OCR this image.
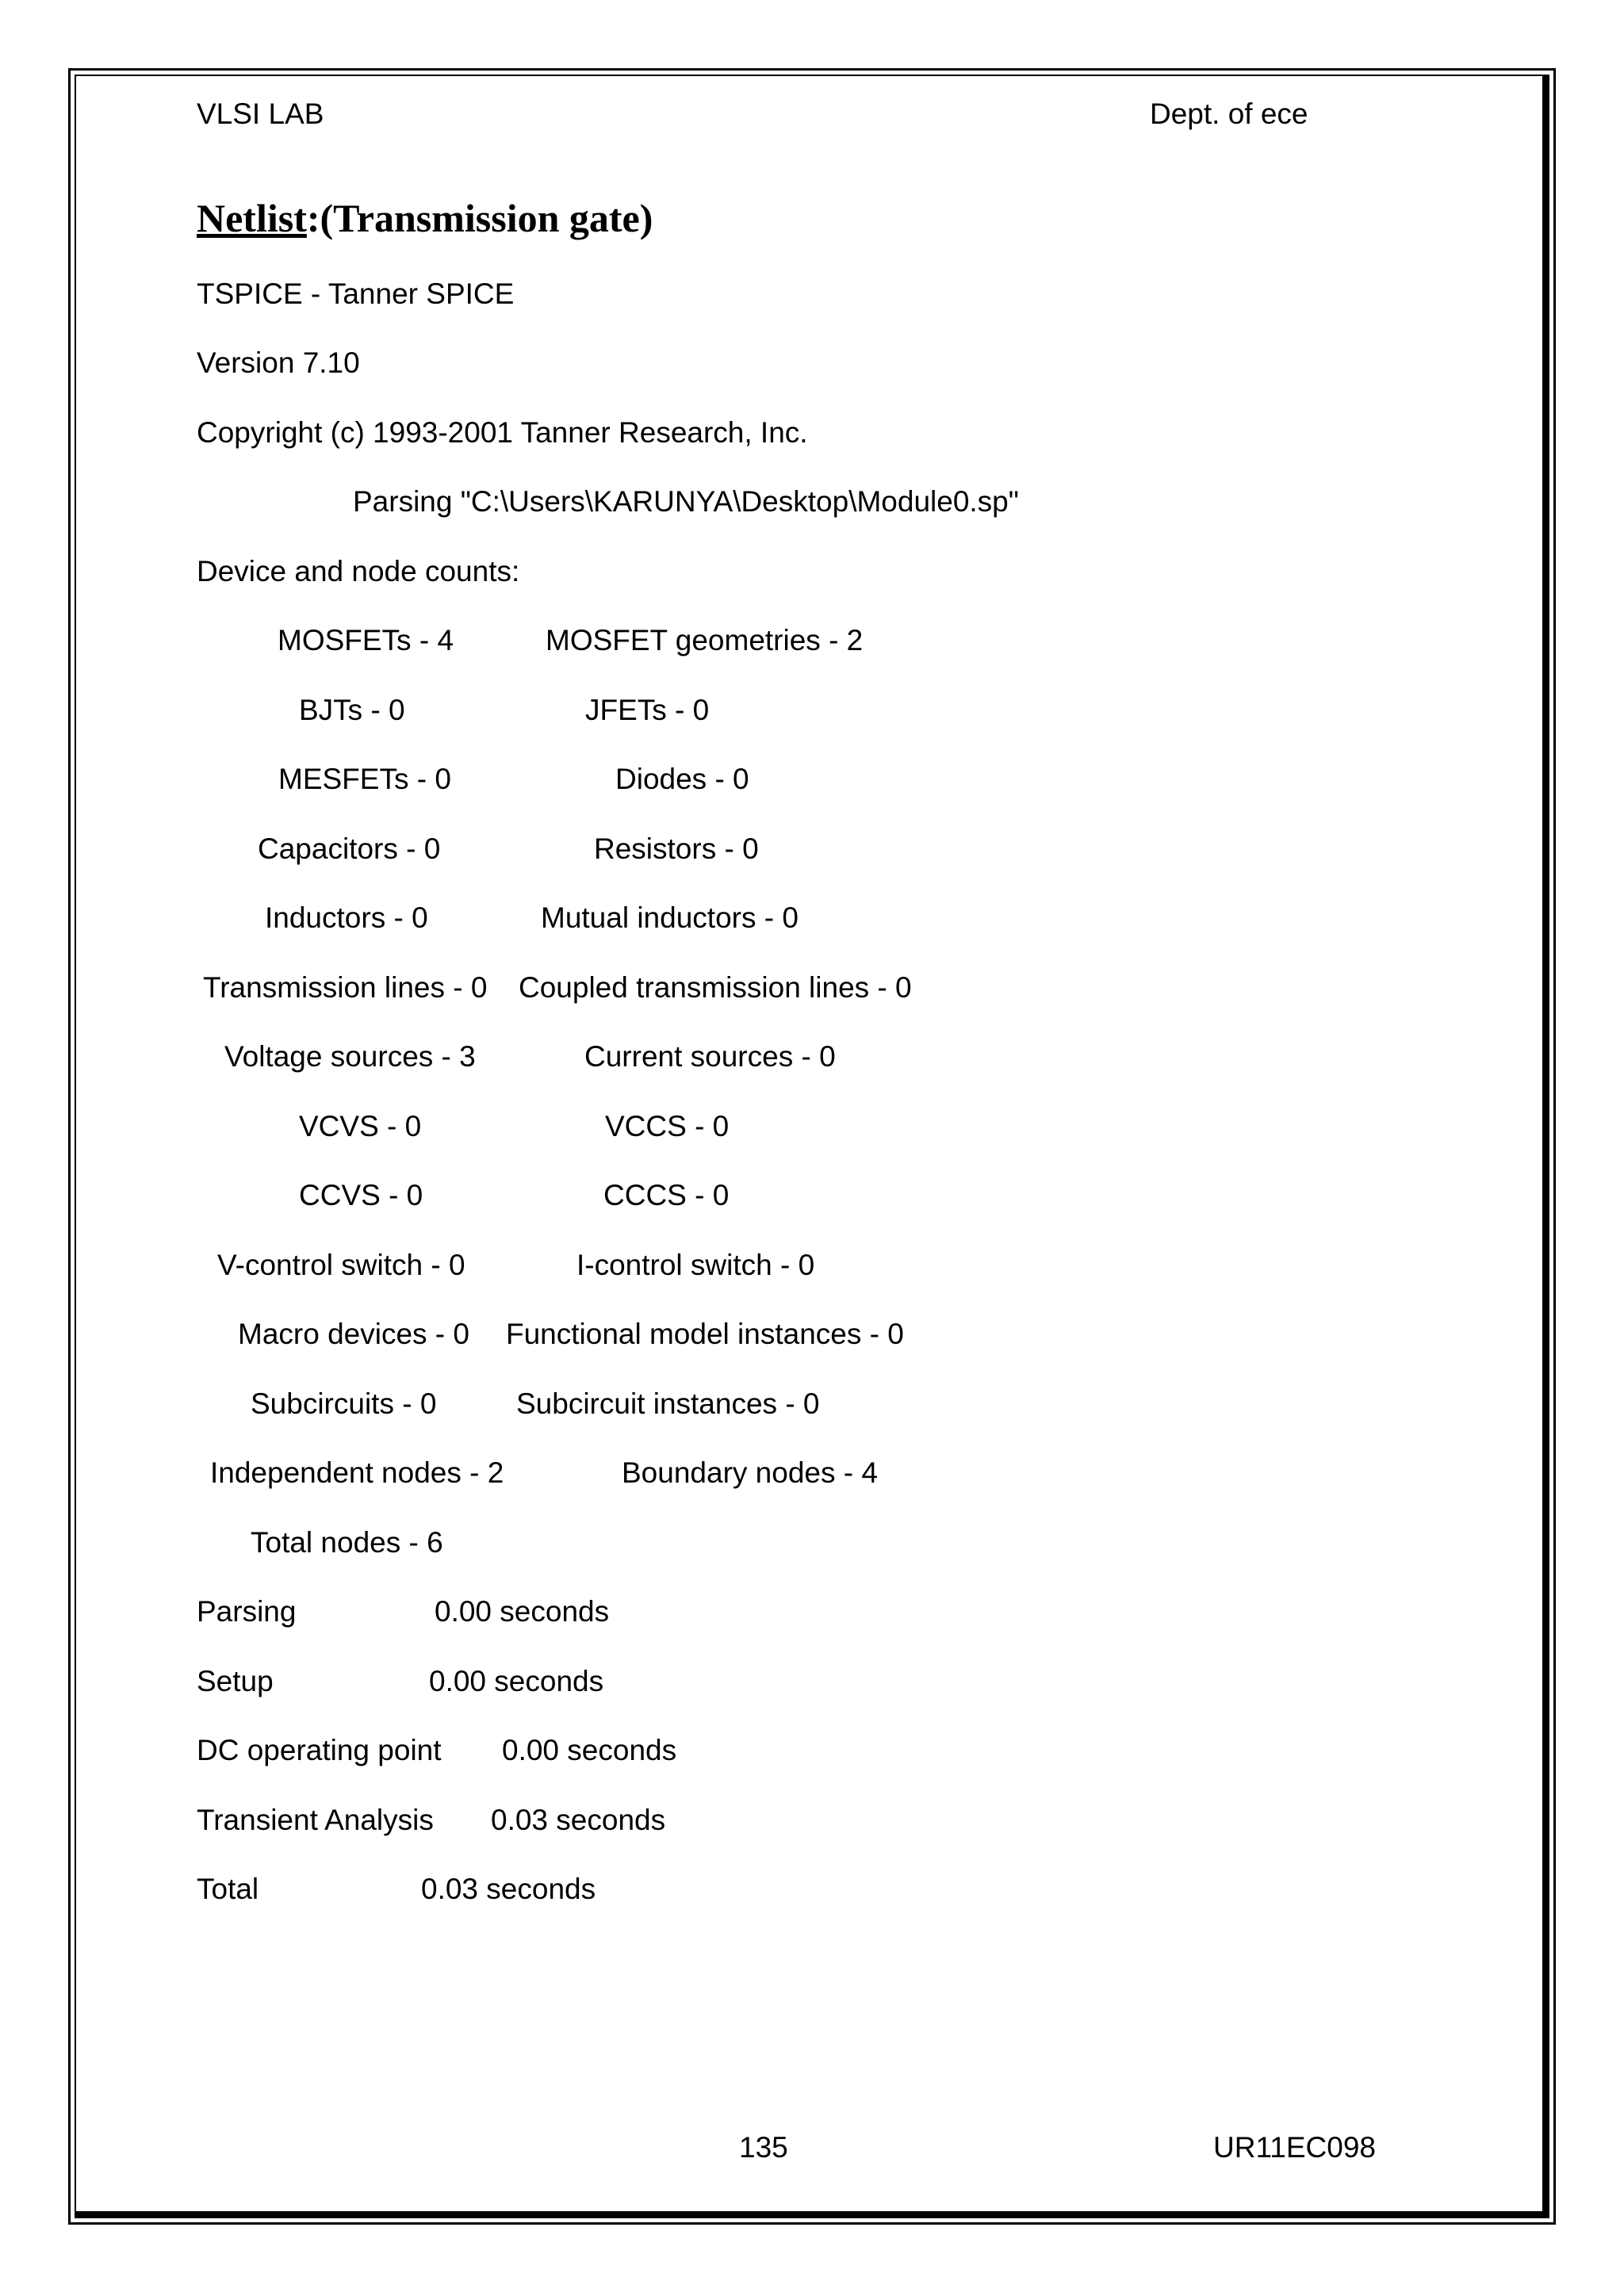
VLSI LAB	Dept. of ece
Netlist:(Transmission gate)
TSPICE - Tanner SPICE
Version 7.10
Copyright (c) 1993-2001 Tanner Research, Inc.
Parsing "C:\Users\KARUNYA\Desktop\Module0.sp"
Device and node counts:
MOSFETs - 4	MOSFET geometries - 2
BJTs - 0	JFETs - 0
MESFETs - 0	Diodes - 0
Capacitors - 0	Resistors - 0
Inductors - 0	Mutual inductors - 0
Transmission lines - 0 Coupled transmission lines - 0
Voltage sources - 3	Current sources - 0
VCVS - 0	VCCS - 0
CCVS - 0	CCCS - 0
V-control switch - 0	I-control switch - 0
Macro devices - 0 Functional model instances - 0
Subcircuits - 0	Subcircuit instances - 0
Independent nodes - 2	Boundary nodes - 4
Total nodes - 6
Parsing	0.00 seconds
Setup	0.00 seconds
DC operating point 0.00 seconds
Transient Analysis 0.03 seconds
Total	0.03 seconds
135	UR11EC098
